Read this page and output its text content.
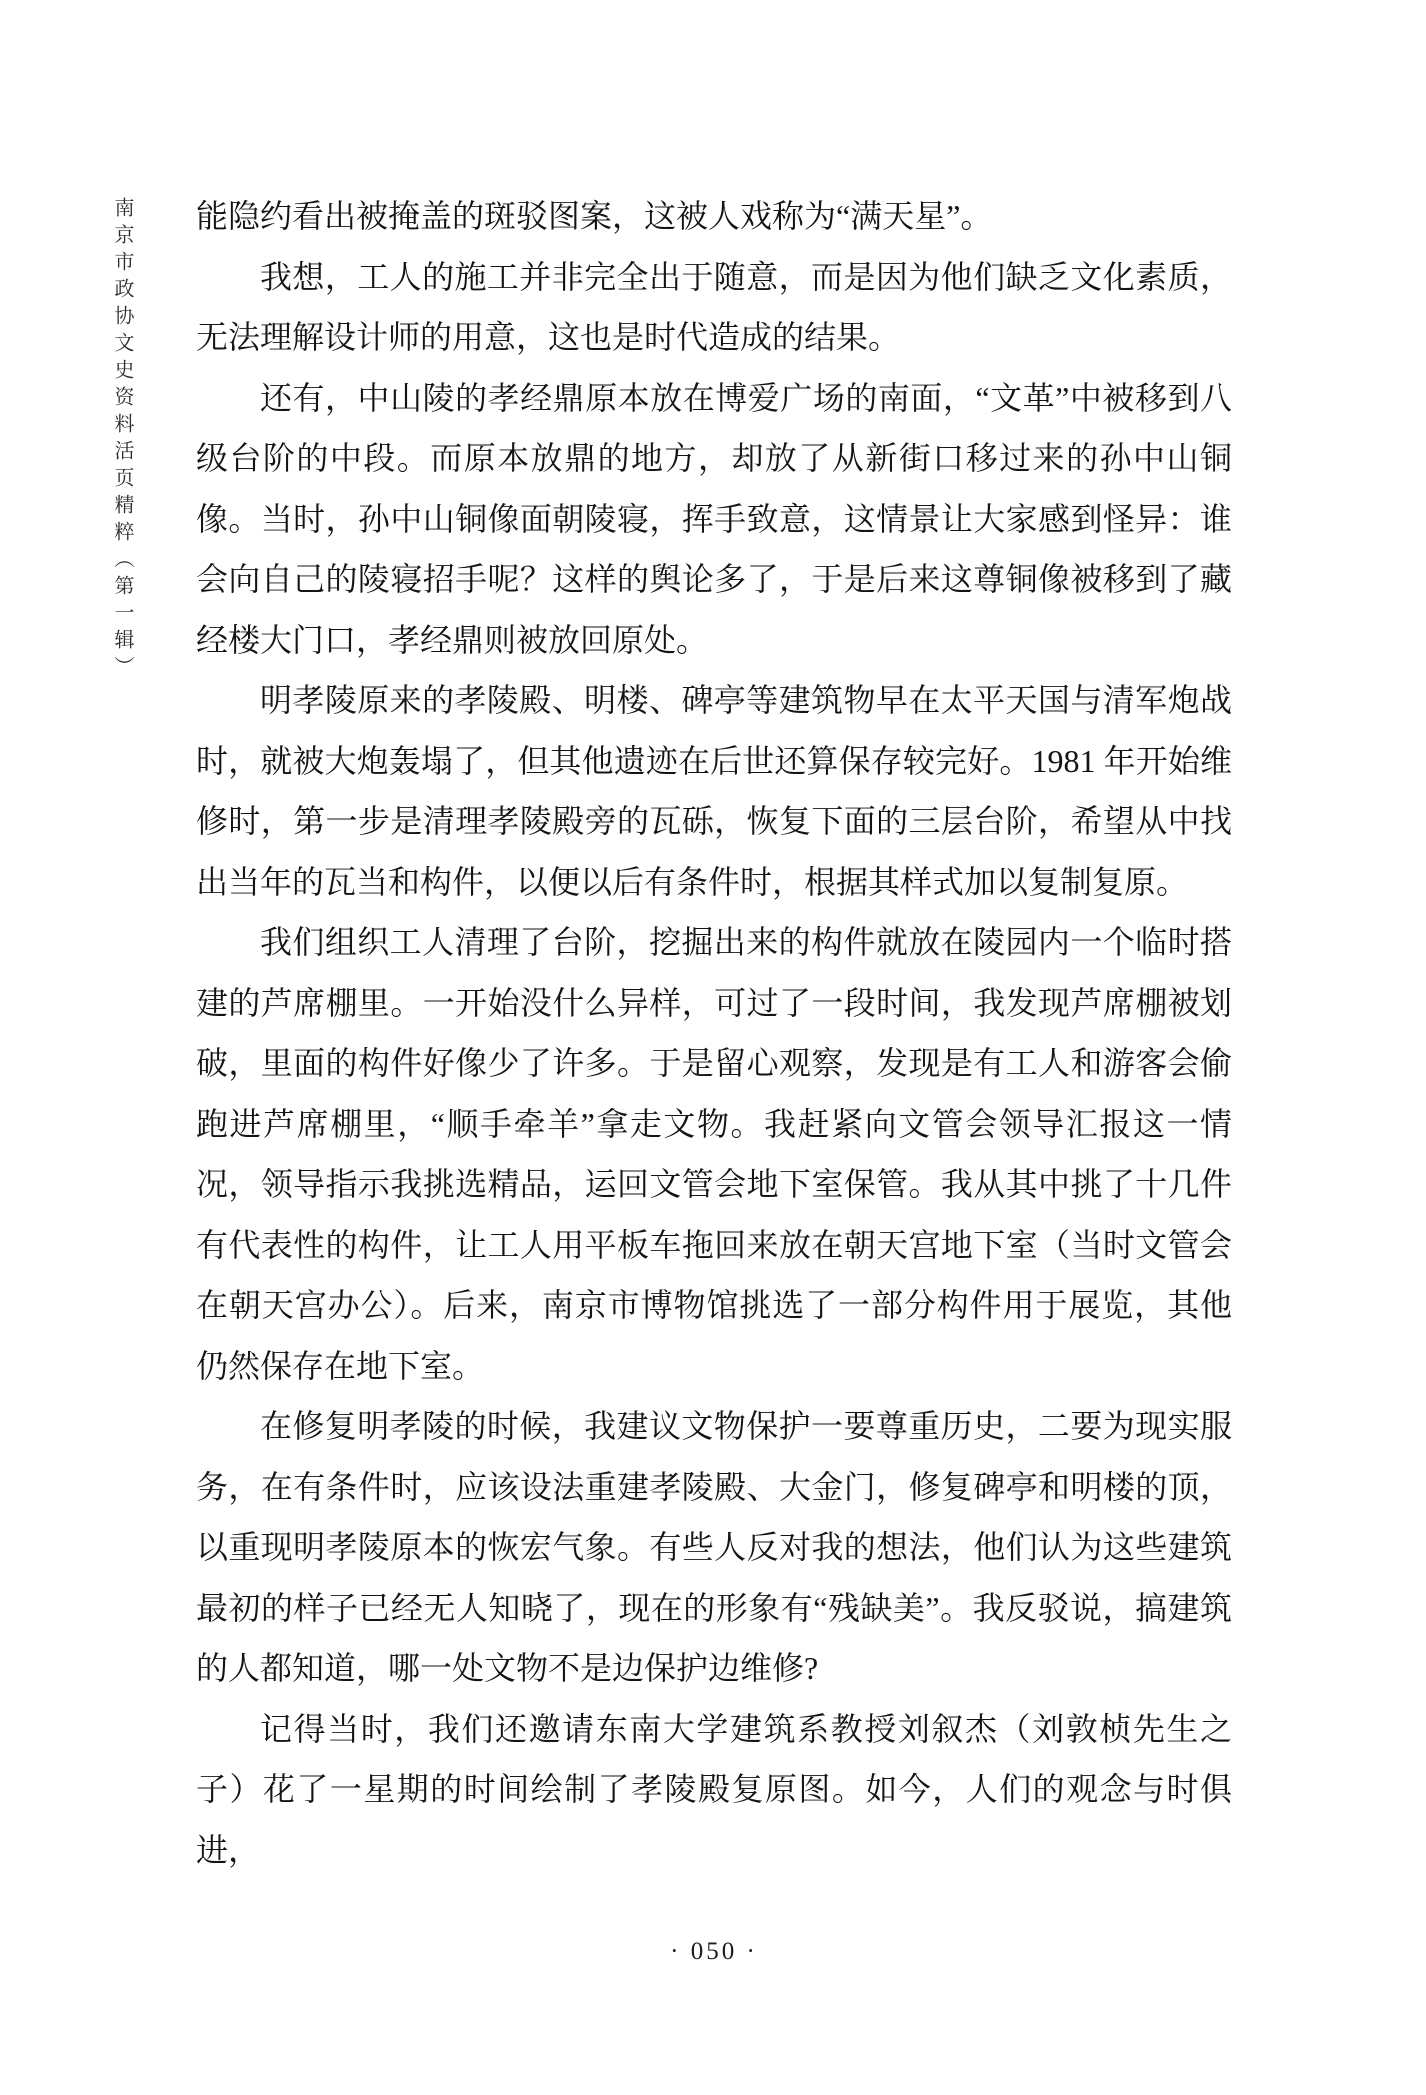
南京市政协文史资料活页精粹（第一辑） 能隐约看出被掩盖的斑驳图案，这被人戏称为“满天星”。

我想，工人的施工并非完全出于随意，而是因为他们缺乏文化素质，无法理解设计师的用意，这也是时代造成的结果。

还有，中山陵的孝经鼎原本放在博爱广场的南面，“文革”中被移到八级台阶的中段。而原本放鼎的地方，却放了从新街口移过来的孙中山铜像。当时，孙中山铜像面朝陵寝，挥手致意，这情景让大家感到怪异：谁会向自己的陵寝招手呢？这样的舆论多了，于是后来这尊铜像被移到了藏经楼大门口，孝经鼎则被放回原处。

明孝陵原来的孝陵殿、明楼、碑亭等建筑物早在太平天国与清军炮战时，就被大炮轰塌了，但其他遗迹在后世还算保存较完好。1981 年开始维修时，第一步是清理孝陵殿旁的瓦砾，恢复下面的三层台阶，希望从中找出当年的瓦当和构件，以便以后有条件时，根据其样式加以复制复原。

我们组织工人清理了台阶，挖掘出来的构件就放在陵园内一个临时搭建的芦席棚里。一开始没什么异样，可过了一段时间，我发现芦席棚被划破，里面的构件好像少了许多。于是留心观察，发现是有工人和游客会偷跑进芦席棚里，“顺手牵羊”拿走文物。我赶紧向文管会领导汇报这一情况，领导指示我挑选精品，运回文管会地下室保管。我从其中挑了十几件有代表性的构件，让工人用平板车拖回来放在朝天宫地下室（当时文管会在朝天宫办公）。后来，南京市博物馆挑选了一部分构件用于展览，其他仍然保存在地下室。

在修复明孝陵的时候，我建议文物保护一要尊重历史，二要为现实服务，在有条件时，应该设法重建孝陵殿、大金门，修复碑亭和明楼的顶，以重现明孝陵原本的恢宏气象。有些人反对我的想法，他们认为这些建筑最初的样子已经无人知晓了，现在的形象有“残缺美”。我反驳说，搞建筑的人都知道，哪一处文物不是边保护边维修?

记得当时，我们还邀请东南大学建筑系教授刘叙杰（刘敦桢先生之子）花了一星期的时间绘制了孝陵殿复原图。如今，人们的观念与时俱进，

· 050 ·
